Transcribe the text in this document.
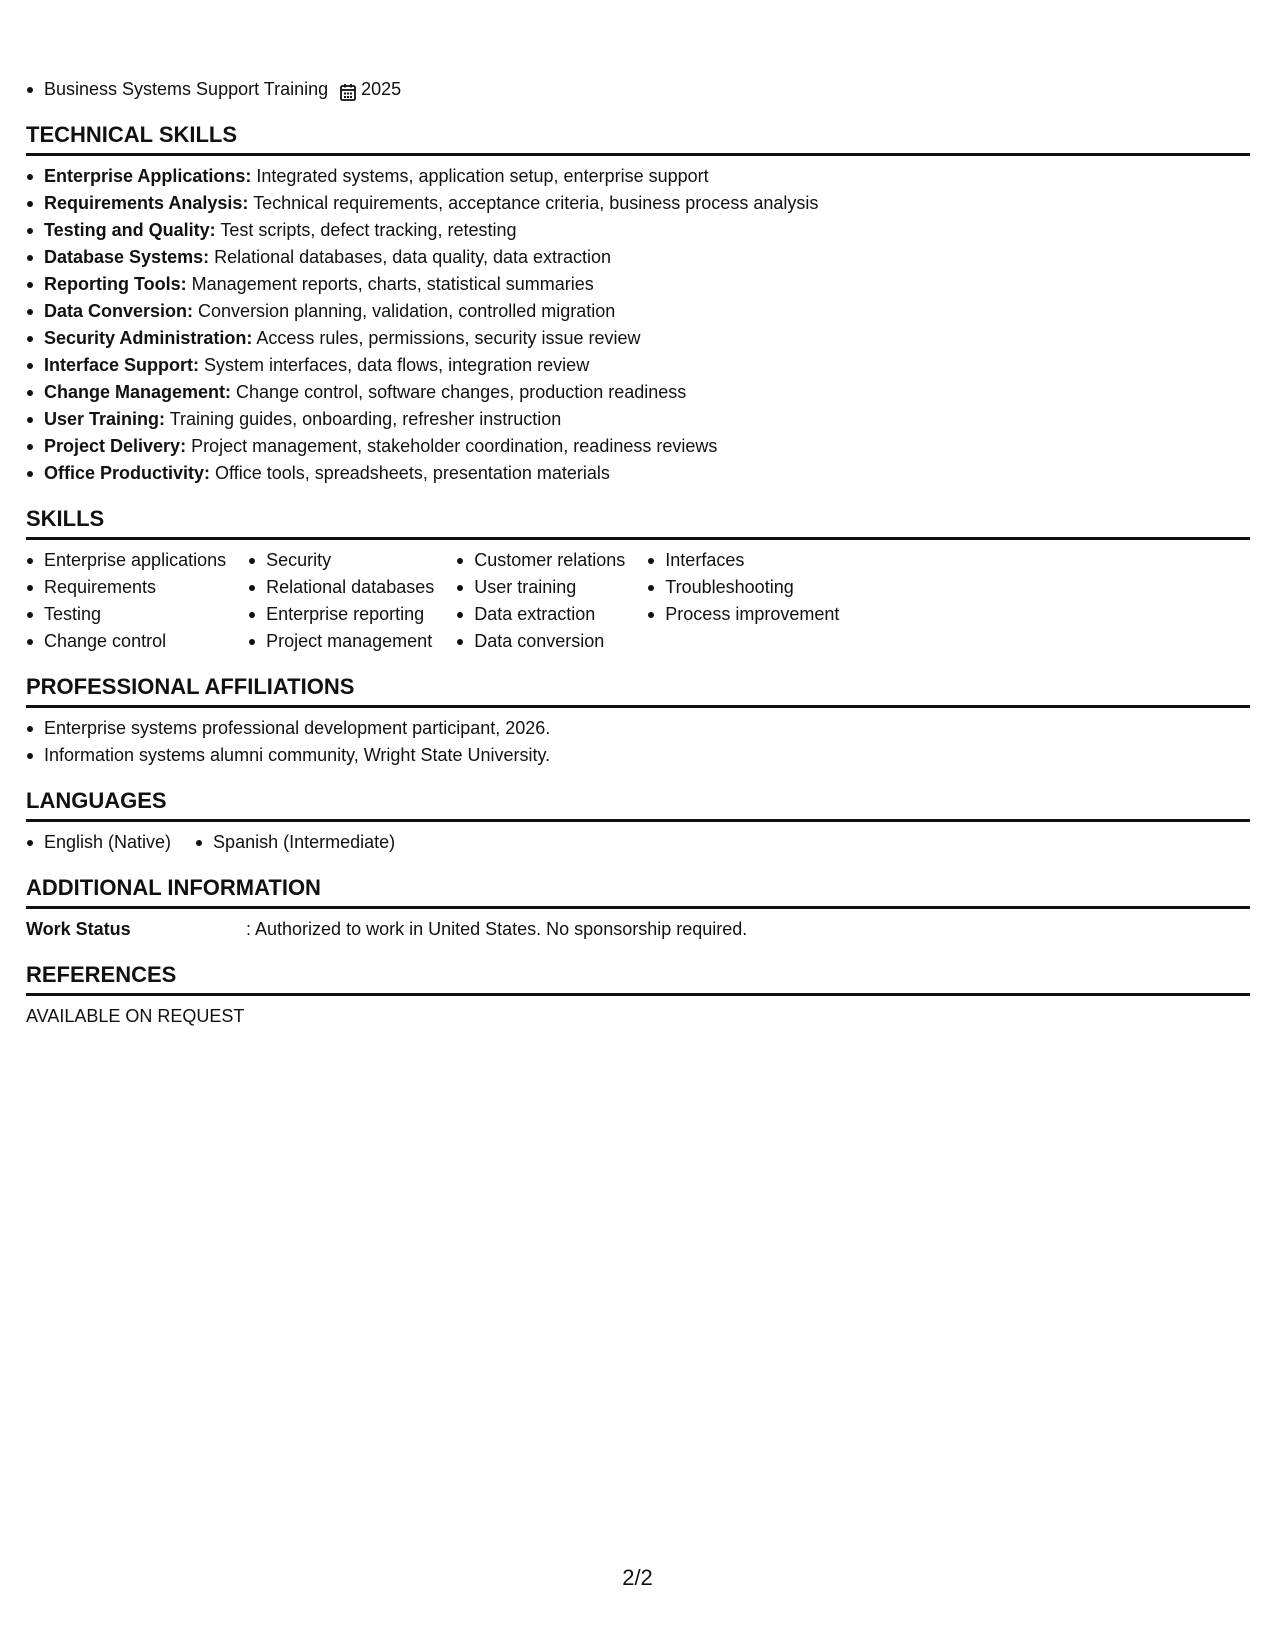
Business Systems Support Training 2025
TECHNICAL SKILLS
Enterprise Applications: Integrated systems, application setup, enterprise support
Requirements Analysis: Technical requirements, acceptance criteria, business process analysis
Testing and Quality: Test scripts, defect tracking, retesting
Database Systems: Relational databases, data quality, data extraction
Reporting Tools: Management reports, charts, statistical summaries
Data Conversion: Conversion planning, validation, controlled migration
Security Administration: Access rules, permissions, security issue review
Interface Support: System interfaces, data flows, integration review
Change Management: Change control, software changes, production readiness
User Training: Training guides, onboarding, refresher instruction
Project Delivery: Project management, stakeholder coordination, readiness reviews
Office Productivity: Office tools, spreadsheets, presentation materials
SKILLS
Enterprise applications
Requirements
Testing
Change control
Security
Relational databases
Enterprise reporting
Project management
Customer relations
User training
Data extraction
Data conversion
Interfaces
Troubleshooting
Process improvement
PROFESSIONAL AFFILIATIONS
Enterprise systems professional development participant, 2026.
Information systems alumni community, Wright State University.
LANGUAGES
English (Native)	Spanish (Intermediate)
ADDITIONAL INFORMATION
Work Status	: Authorized to work in United States. No sponsorship required.
REFERENCES
AVAILABLE ON REQUEST
2/2
